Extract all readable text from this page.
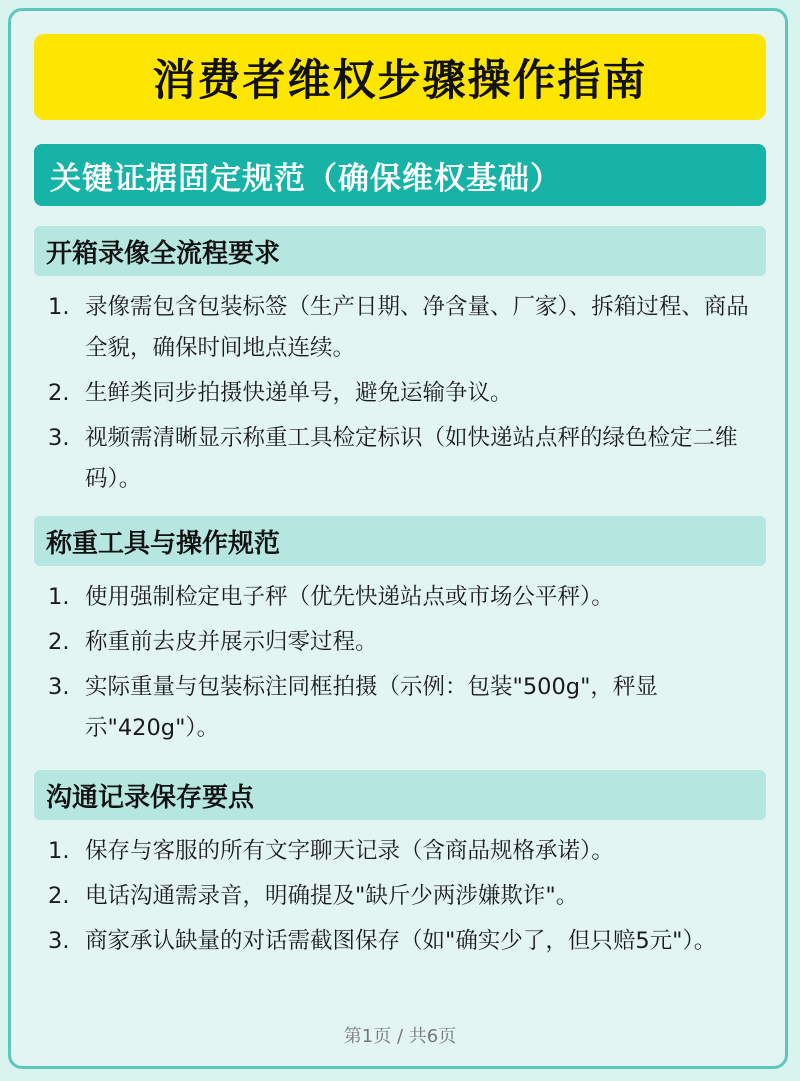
消费者维权步骤操作指南
关键证据固定规范（确保维权基础）
开箱录像全流程要求
1. 录像需包含包装标签（生产日期、净含量、厂家）、拆箱过程、商品全貌，确保时间地点连续。
2. 生鲜类同步拍摄快递单号，避免运输争议。
3. 视频需清晰显示称重工具检定标识（如快递站点秤的绿色检定二维码）。
称重工具与操作规范
1. 使用强制检定电子秤（优先快递站点或市场公平秤）。
2. 称重前去皮并展示归零过程。
3. 实际重量与包装标注同框拍摄（示例：包装"500g"，秤显示"420g"）。
沟通记录保存要点
1. 保存与客服的所有文字聊天记录（含商品规格承诺）。
2. 电话沟通需录音，明确提及"缺斤少两涉嫌欺诈"。
3. 商家承认缺量的对话需截图保存（如"确实少了，但只赔5元"）。
第1页 / 共6页
